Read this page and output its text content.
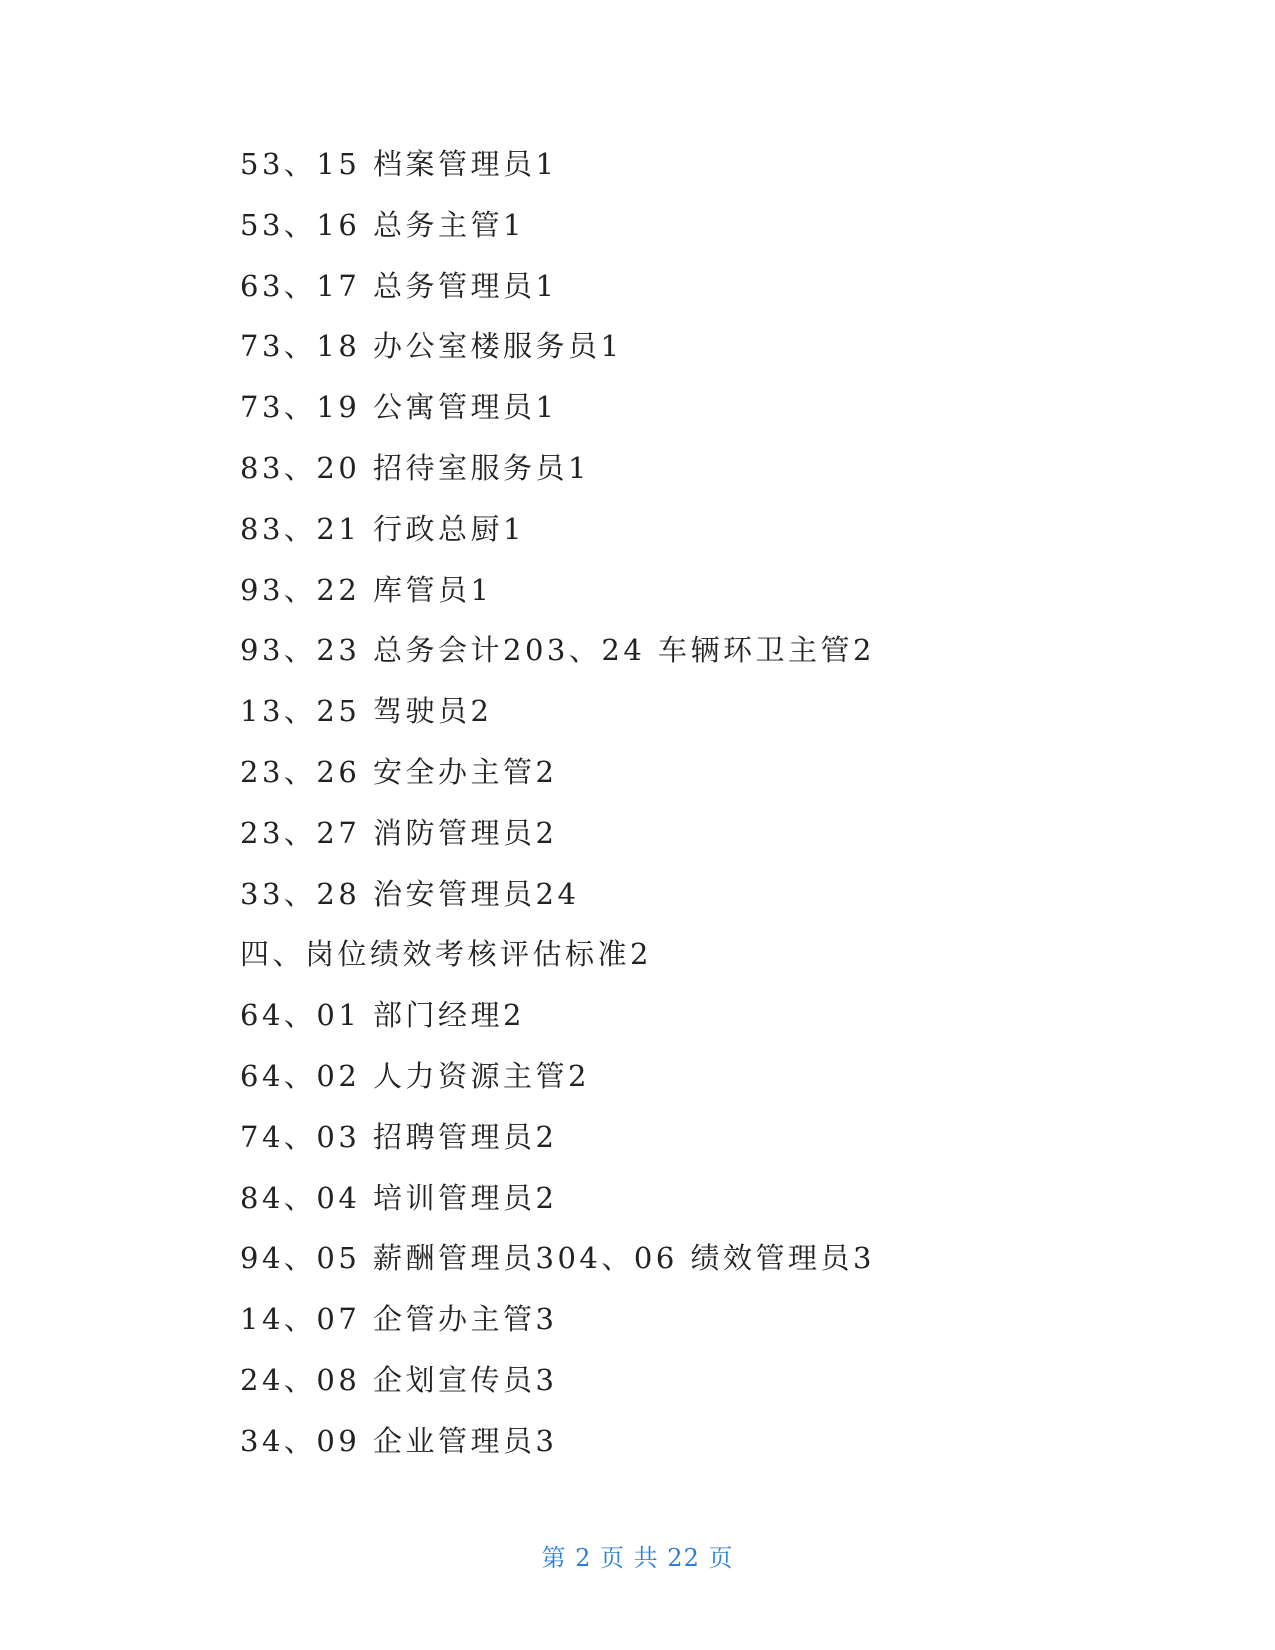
53、15 档案管理员1
53、16 总务主管1
63、17 总务管理员1
73、18 办公室楼服务员1
73、19 公寓管理员1
83、20 招待室服务员1
83、21 行政总厨1
93、22 库管员1
93、23 总务会计203、24 车辆环卫主管2
13、25 驾驶员2
23、26 安全办主管2
23、27 消防管理员2
33、28 治安管理员24
四、岗位绩效考核评估标准2
64、01 部门经理2
64、02 人力资源主管2
74、03 招聘管理员2
84、04 培训管理员2
94、05 薪酬管理员304、06 绩效管理员3
14、07 企管办主管3
24、08 企划宣传员3
34、09 企业管理员3
第 2 页 共 22 页
